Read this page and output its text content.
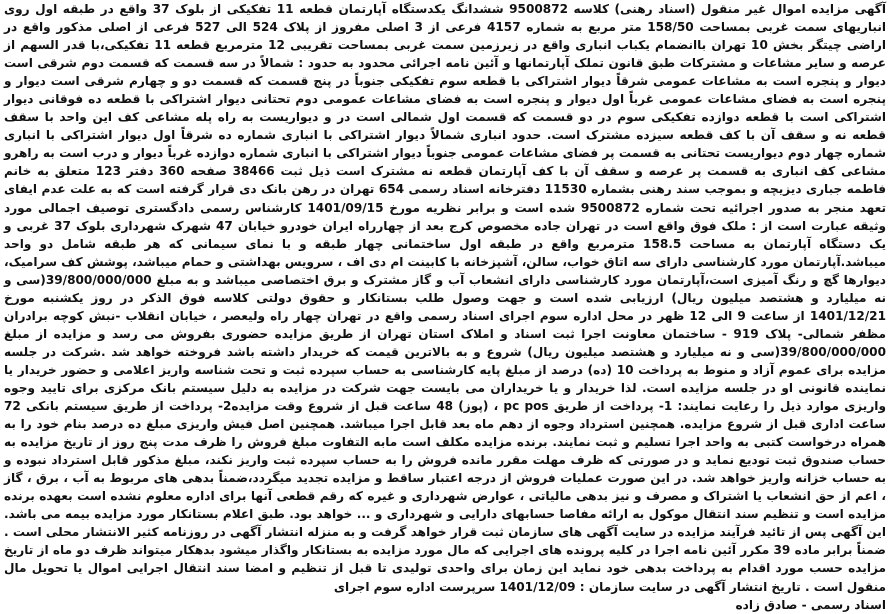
آگهی مزایده اموال غیر منقول (اسناد رهنی) کلاسه 9500872 ششدانگ یکدستگاه آپارتمان قطعه 11 تفکیکی از بلوک 37 واقع در طبقه اول روی انباریهای سمت غربی بمساحت 158/50 متر مربع به شماره 4157 فرعی از 3 اصلی مفروز از پلاک 524 الی 527 فرعی از اصلی مذکور واقع در اراضی چیتگر بخش 10 تهران باانضمام یکباب انباری واقع در زیرزمین سمت غربی بمساحت تقریبی 12 مترمربع قطعه 11 تفکیکی،با قدر السهم از عرصه و سایر مشاعات و مشترکات طبق قانون تملک آپارتمانها و آئین نامه اجرائی محدود به حدود : شمالاً در سه قسمت که قسمت دوم شرقی است دیوار و پنجره است به مشاعات عمومی شرقاً دیوار اشتراکی با قطعه سوم تفکیکی جنوباً در پنج قسمت که قسمت دو و چهارم شرقی است دیوار و پنجره است به فضای مشاعات عمومی غرباً اول دیوار و پنجره است به فضای مشاعات عمومی دوم تحتانی دیوار اشتراکی با قطعه ده فوقانی دیوار اشتراکی است با قطعه دوازده تفکیکی سوم در دو قسمت که قسمت اول شمالی است در و دیواریست به راه پله مشاعی کف این واحد با سقف قطعه نه و سقف آن با کف قطعه سیزده مشترک است. حدود انباری شمالاً دیوار اشتراکی با انباری شماره ده شرقاً اول دیوار اشتراکی با انباری شماره چهار دوم دیواریست تحتانی به قسمت پر فضای مشاعات عمومی جنوباً دیوار اشتراکی با انباری شماره دوازده غرباً دیوار و درب است به راهرو مشاعی کف انباری به قسمت پر عرصه و سقف آن با کف آپارتمان قطعه نه مشترک است ذیل ثبت 38466 صفحه 360 دفتر 123 متعلق به خانم فاطمه جباری دیزیچه و بموجب سند رهنی بشماره 11530 دفترخانه اسناد رسمی 654 تهران در رهن بانک دی قرار گرفته است که به علت عدم ایفای تعهد منجر به صدور اجرائیه تحت شماره 9500872 شده است و برابر نظریه مورخ 1401/09/15 کارشناس رسمی دادگستری توصیف اجمالی مورد وثیقه عبارت است از : ملک فوق واقع است در تهران جاده مخصوص کرج بعد از چهارراه ایران خودرو خیابان 47 شهرک شهرداری بلوک 37 غربی و یک دستگاه آپارتمان به مساحت 158.5 مترمربع واقع در طبقه اول ساختمانی چهار طبقه و با نمای سیمانی که هر طبقه شامل دو واحد میباشد.آپارتمان مورد کارشناسی دارای سه اتاق خواب، سالن، آشپزخانه با کابینت ام دی اف ، سرویس بهداشتی و حمام میباشد، پوشش کف سرامیک، دیوارها گچ و رنگ آمیزی است،آپارتمان مورد کارشناسی دارای انشعاب آب و گاز مشترک و برق اختصاصی میباشد و به مبلغ 39/800/000/000(سی و نه میلیارد و هشتصد میلیون ریال) ارزیابی شده است و جهت وصول طلب بستانکار و حقوق دولتی کلاسه فوق الذکر در روز یکشنبه مورخ 1401/12/21 از ساعت 9 الی 12 ظهر در محل اداره سوم اجرای اسناد رسمی واقع در تهران چهار راه ولیعصر ، خیابان انقلاب -نبش کوچه برادران مظفر شمالی- پلاک 919 - ساختمان معاونت اجرا ثبت اسناد و املاک استان تهران از طریق مزایده حضوری بفروش می رسد و مزایده از مبلغ 39/800/000/000(سی و نه میلیارد و هشتصد میلیون ریال) شروع و به بالاترین قیمت که خریدار داشته باشد فروخته خواهد شد .شرکت در جلسه مزایده برای عموم آزاد و منوط به پرداخت 10 (ده) درصد از مبلغ پایه کارشناسی به حساب سپرده ثبت و تحت شناسه واریز اعلامی و حضور خریدار یا نماینده قانونی او در جلسه مزایده است. لذا خریدار و یا خریداران می بایست جهت شرکت در مزایده به دلیل سیستم بانک مرکزی برای تایید وجوه واریزی موارد ذیل را رعایت نمایند: 1- پرداخت از طریق pc pos ، (پوز) 48 ساعت قبل از شروع وقت مزایده2- پرداخت از طریق سیستم بانکی 72 ساعت اداری قبل از شروع مزایده. همچنین استرداد وجوه از دهم ماه بعد قابل اجرا میباشد. همچنین اصل فیش واریزی مبلغ ده درصد بنام خود را به همراه درخواست کتبی به واحد اجرا تسلیم و ثبت نمایند. برنده مزایده مکلف است مابه التفاوت مبلغ فروش را ظرف مدت پنج روز از تاریخ مزایده به حساب صندوق ثبت تودیع نماید و در صورتی که ظرف مهلت مقرر مانده فروش را به حساب سپرده ثبت واریز نکند، مبلغ مذکور قابل استرداد نبوده و به حساب خزانه واریز خواهد شد. در این صورت عملیات فروش از درجه اعتبار ساقط و مزایده تجدید میگردد،ضمناً بدهی های مربوط به آب ، برق ، گاز ، اعم از حق انشعاب یا اشتراک و مصرف و نیز بدهی مالیاتی ، عوارض شهرداری و غیره که رقم قطعی آنها برای اداره معلوم نشده است بعهده برنده مزایده است و تنظیم سند انتقال موکول به ارائه مفاصا حسابهای دارایی و شهرداری و ... خواهد بود. طبق اعلام بستانکار مورد مزایده بیمه می باشد. این آگهی پس از تائید فرآیند مزایده در سایت آگهی های سازمان ثبت قرار خواهد گرفت و به منزله انتشار آگهی در روزنامه کثیر الانتشار محلی است . ضمناً برابر ماده 39 مکرر آئین نامه اجرا در کلیه پرونده های اجرایی که مال مورد مزایده به بستانکار واگذار میشود بدهکار میتواند ظرف دو ماه از تاریخ مزایده حسب مورد اقدام به پرداخت بدهی خود نماید این زمان برای واحدی تولیدی تا قبل از تنظیم و امضا سند انتقال اجرایی اموال یا تحویل مال منقول است . تاریخ انتشار آگهی در سایت سازمان : 1401/12/09 سرپرست اداره سوم اجرای

اسناد رسمی - صادق زاده
